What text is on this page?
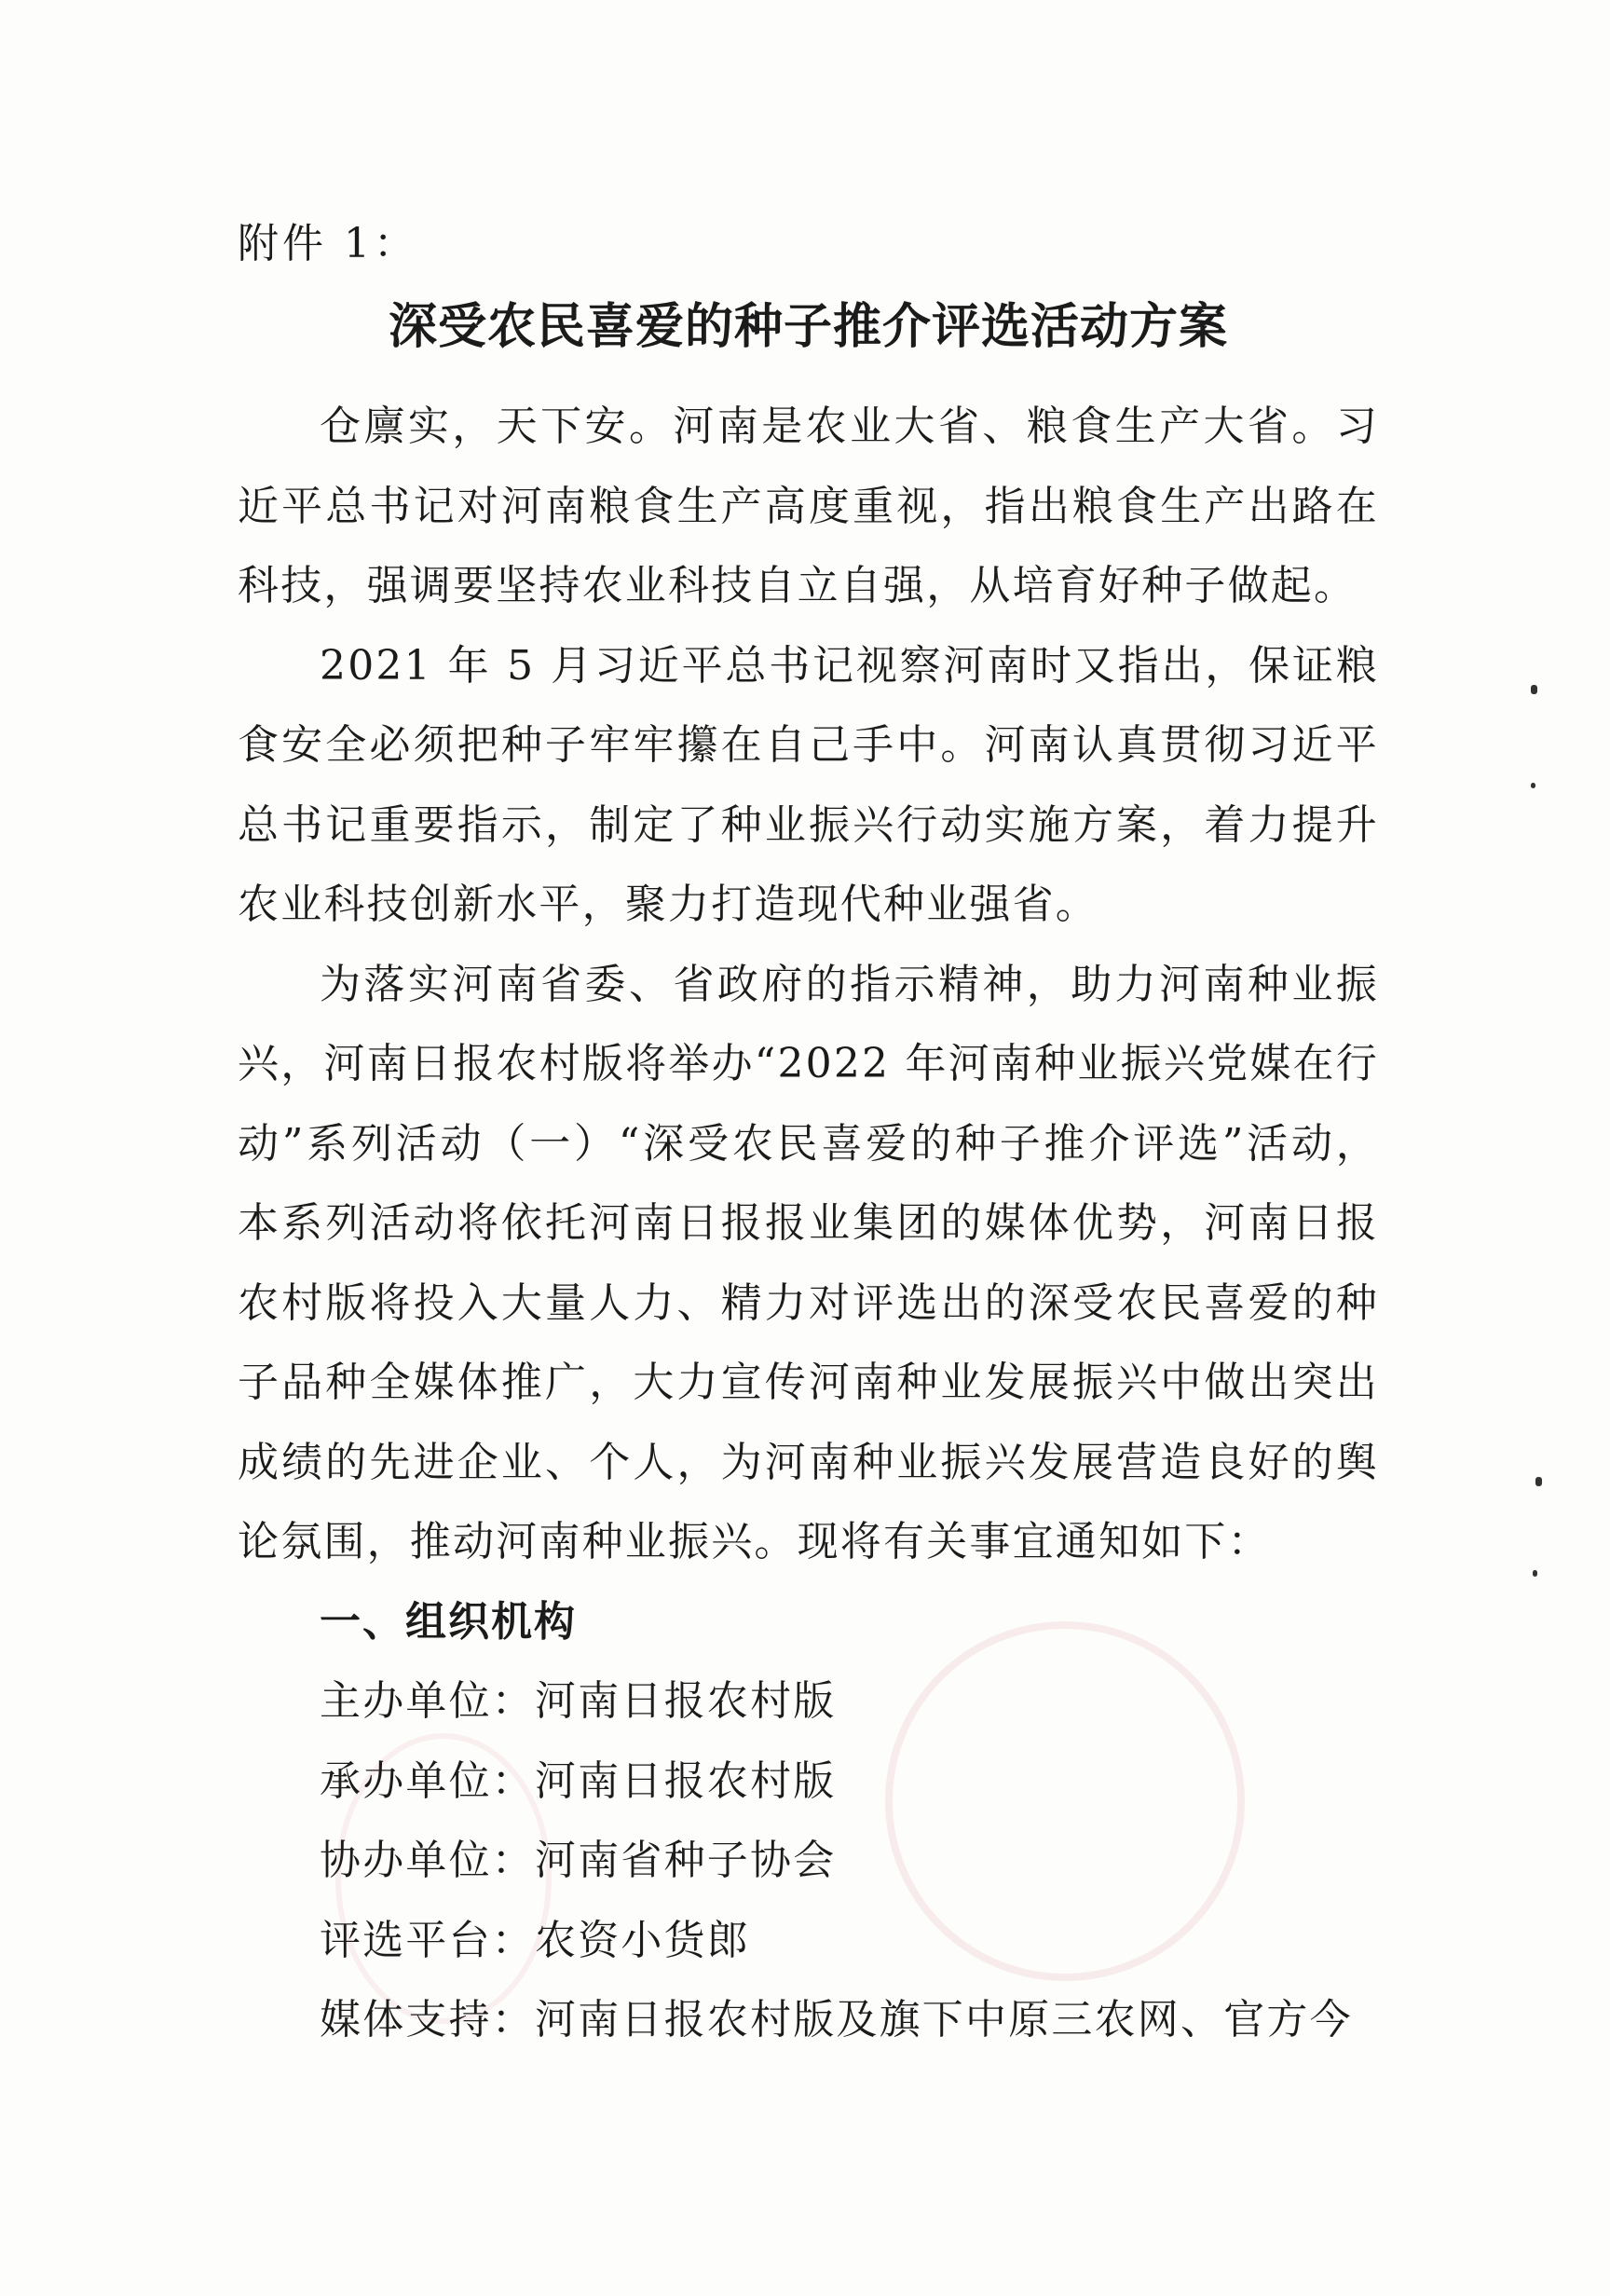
附件 1：
深受农民喜爱的种子推介评选活动方案

仓廪实，天下安。河南是农业大省、粮食生产大省。习近平总书记对河南粮食生产高度重视，指出粮食生产出路在科技，强调要坚持农业科技自立自强，从培育好种子做起。

2021 年 5 月习近平总书记视察河南时又指出，保证粮食安全必须把种子牢牢攥在自己手中。河南认真贯彻习近平总书记重要指示，制定了种业振兴行动实施方案，着力提升农业科技创新水平，聚力打造现代种业强省。

为落实河南省委、省政府的指示精神，助力河南种业振兴，河南日报农村版将举办“2022 年河南种业振兴党媒在行动”系列活动（一）“深受农民喜爱的种子推介评选”活动，本系列活动将依托河南日报报业集团的媒体优势，河南日报农村版将投入大量人力、精力对评选出的深受农民喜爱的种子品种全媒体推广，大力宣传河南种业发展振兴中做出突出成绩的先进企业、个人，为河南种业振兴发展营造良好的舆论氛围，推动河南种业振兴。现将有关事宜通知如下：

一、组织机构

主办单位：河南日报农村版

承办单位：河南日报农村版

协办单位：河南省种子协会

评选平台：农资小货郎

媒体支持：河南日报农村版及旗下中原三农网、官方今
